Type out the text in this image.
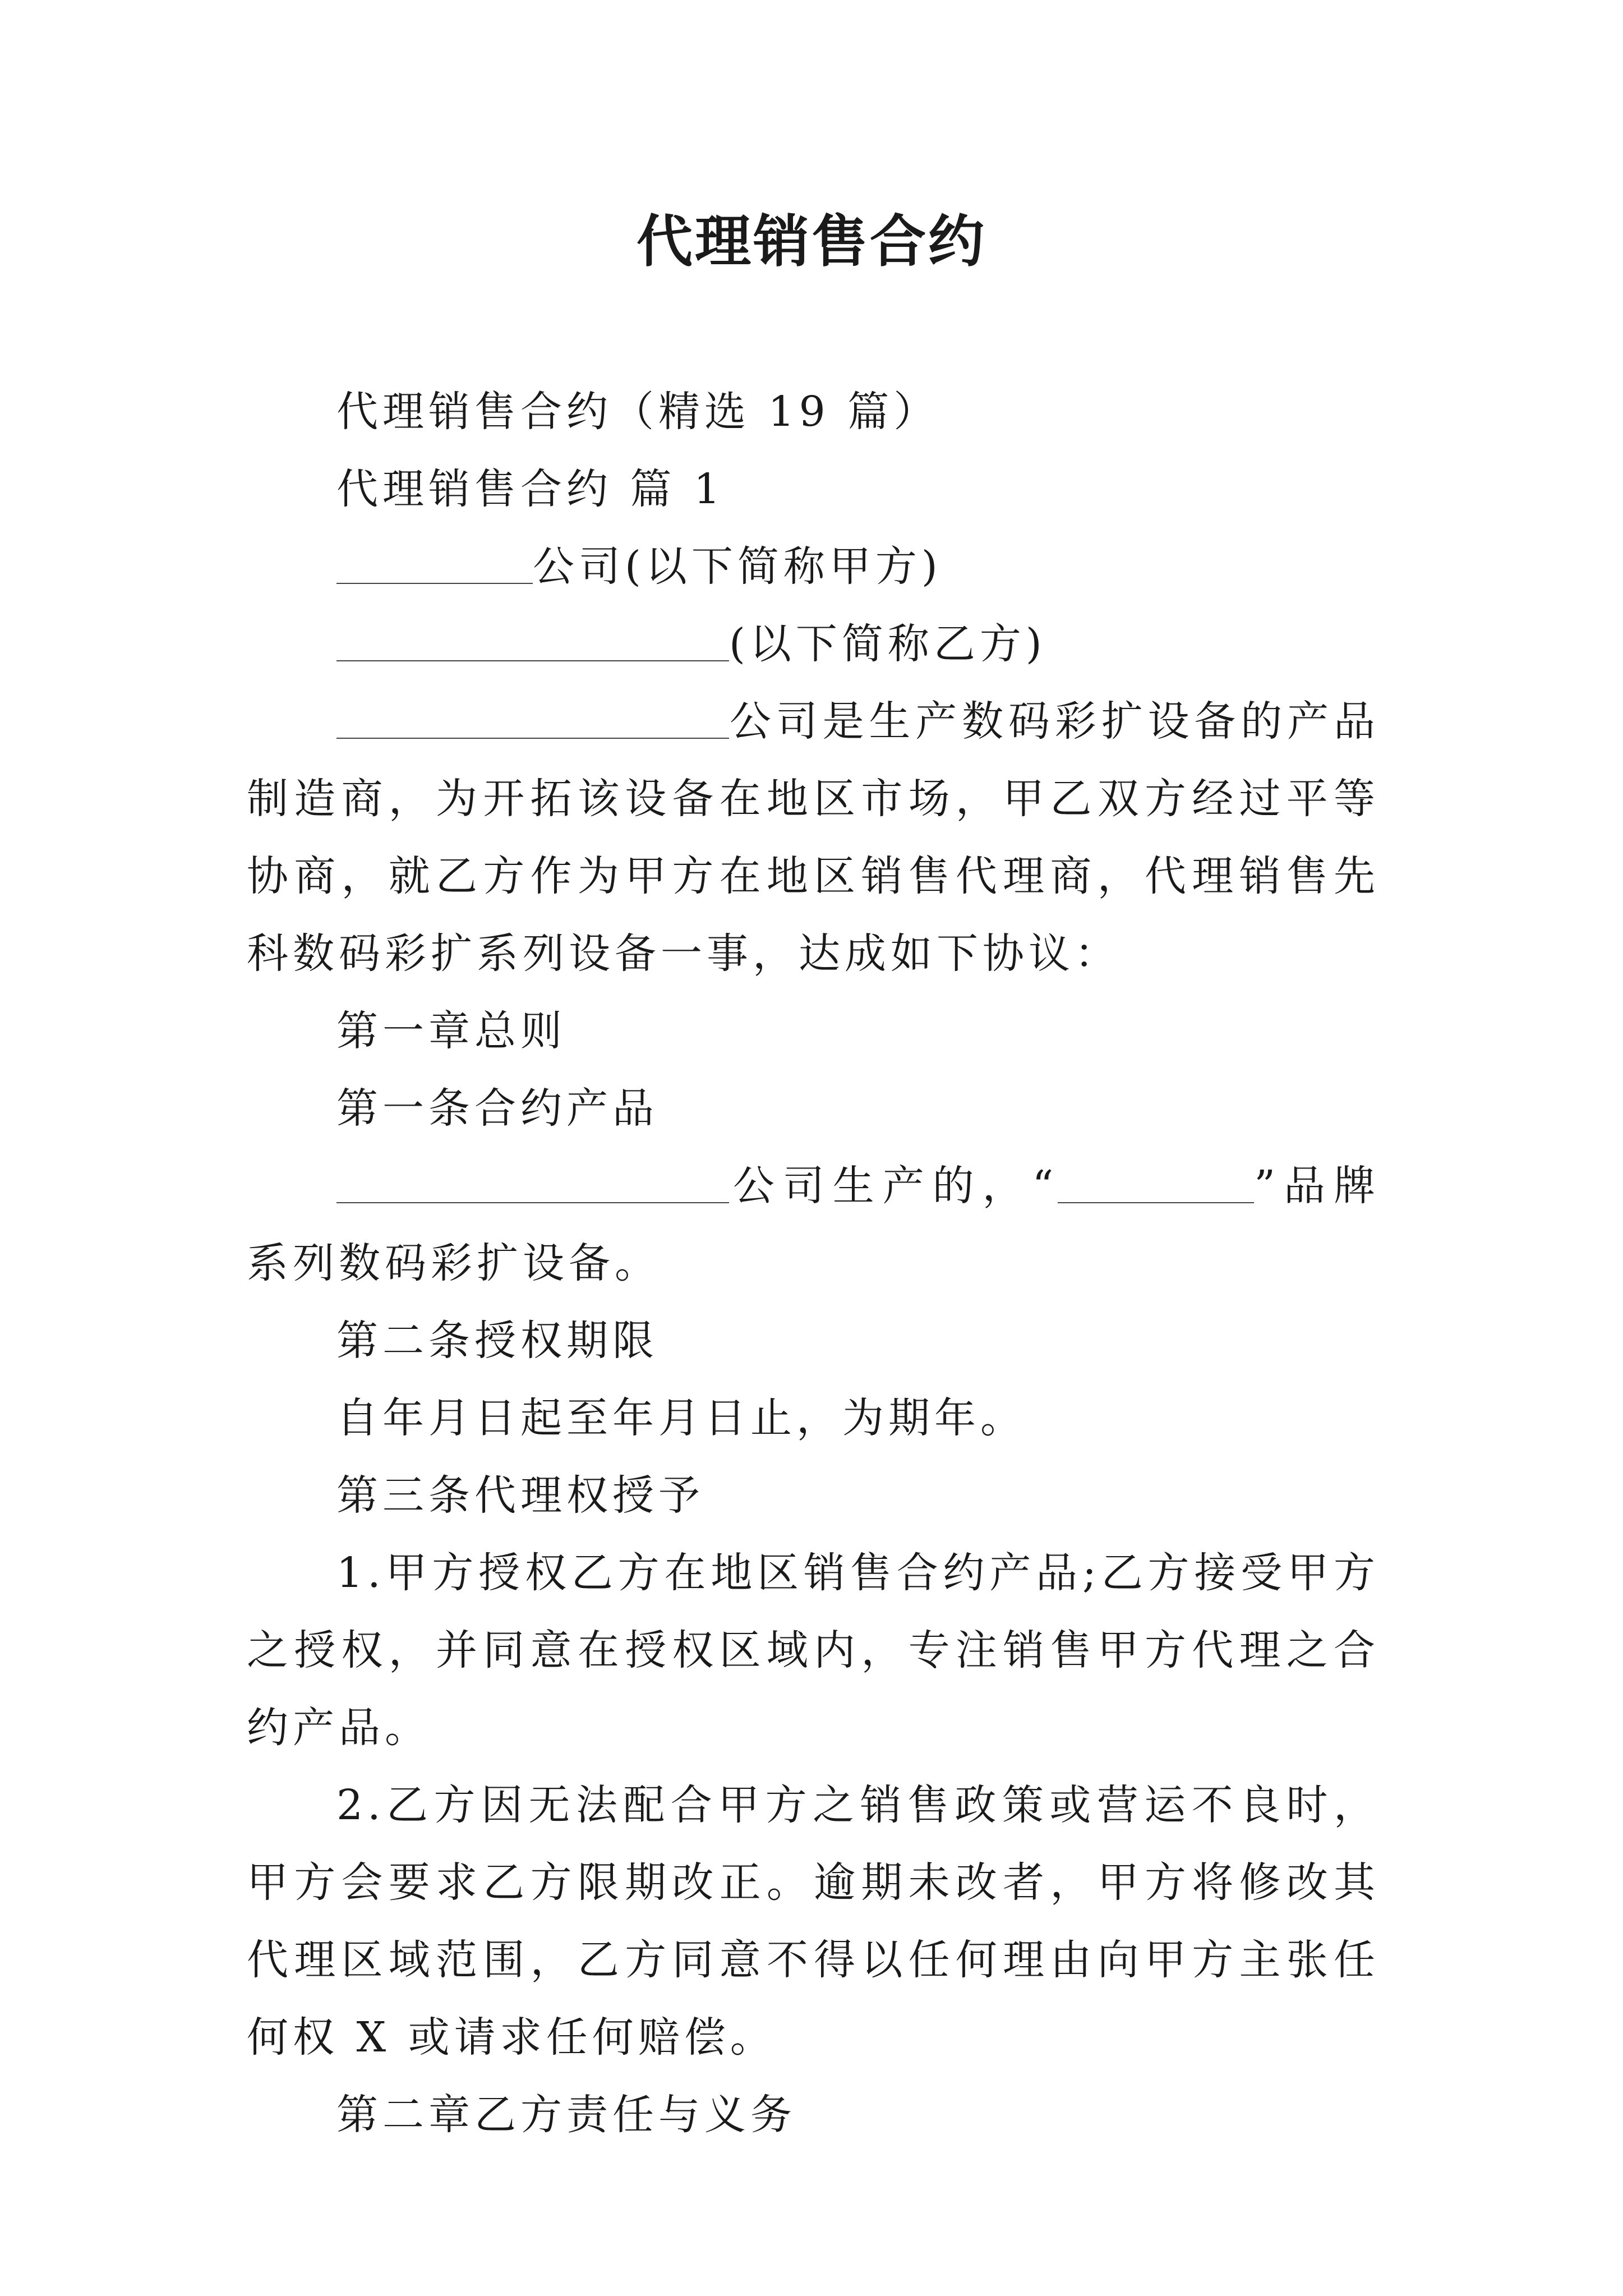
代理销售合约

代理销售合约（精选 19 篇）

代理销售合约 篇 1

公司(以下简称甲方)

(以下简称乙方)

公司是生产数码彩扩设备的产品制造商，为开拓该设备在地区市场，甲乙双方经过平等协商，就乙方作为甲方在地区销售代理商，代理销售先科数码彩扩系列设备一事，达成如下协议：

第一章总则

第一条合约产品

公司生产的，“	”品牌系列数码彩扩设备。

第二条授权期限

自年月日起至年月日止，为期年。

第三条代理权授予

1.甲方授权乙方在地区销售合约产品;乙方接受甲方之授权，并同意在授权区域内，专注销售甲方代理之合约产品。

2.乙方因无法配合甲方之销售政策或营运不良时，甲方会要求乙方限期改正。逾期未改者，甲方将修改其代理区域范围，乙方同意不得以任何理由向甲方主张任何权 X 或请求任何赔偿。

第二章乙方责任与义务
